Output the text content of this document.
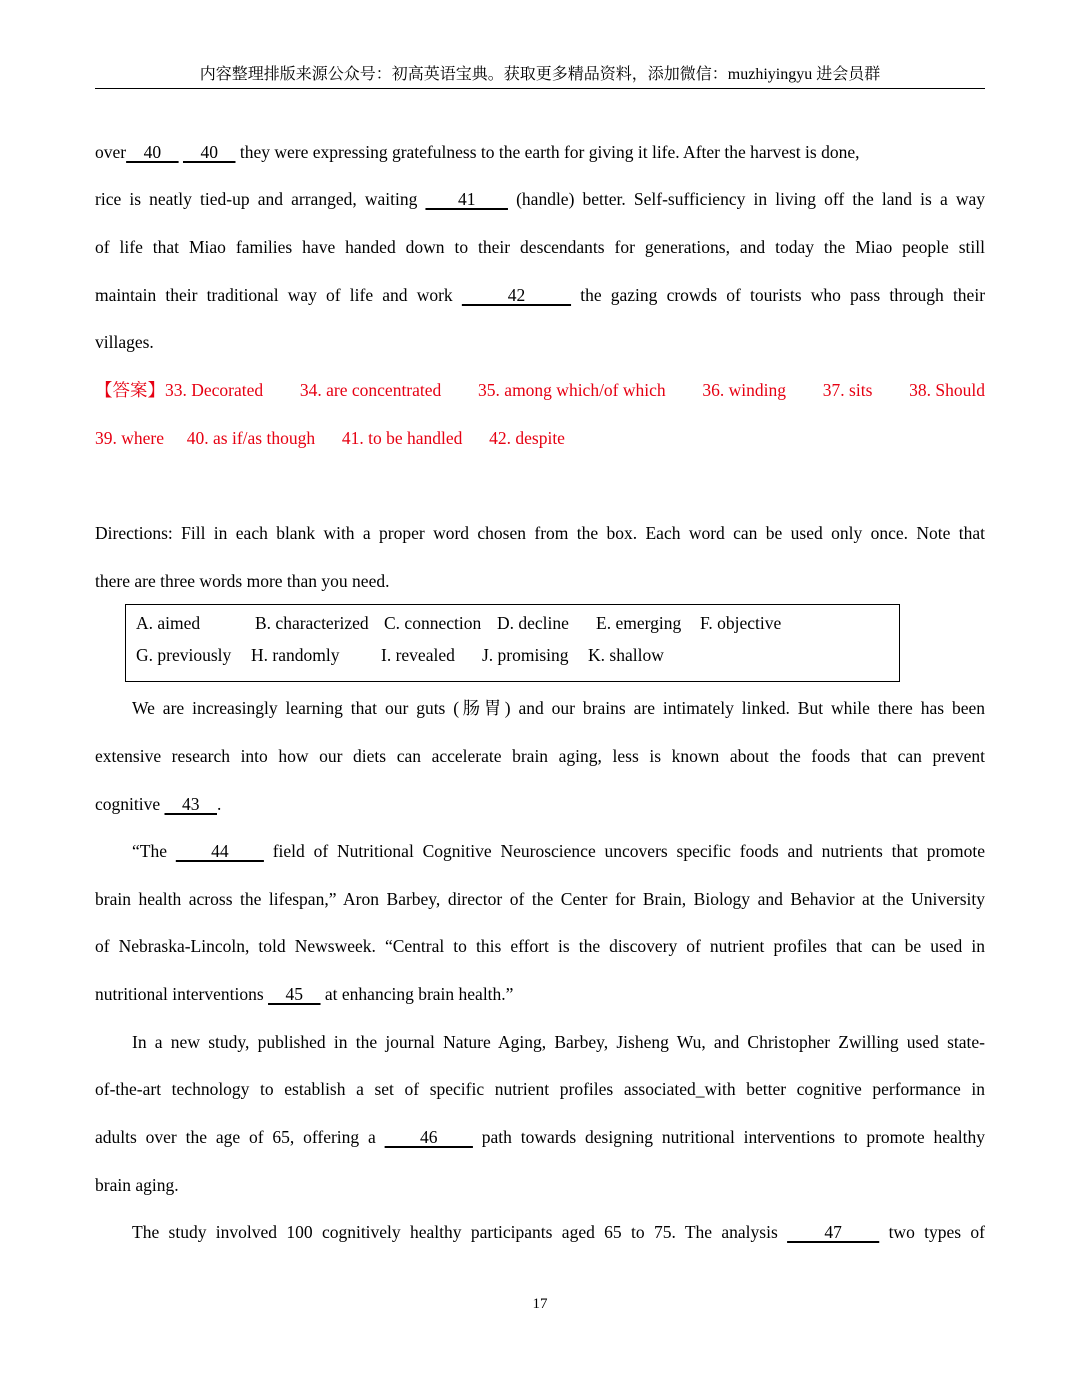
内容整理排版来源公众号：初高英语宝典。获取更多精品资料，添加微信：muzhiyingyu 进会员群
over    40         40     they were expressing gratefulness to the earth for giving it life. After the harvest is done,
rice is neatly tied-up and arranged, waiting     41     (handle) better. Self-sufficiency in living off the land is a way
of life that Miao families have handed down to their descendants for generations, and today the Miao people still
maintain their traditional way of life and work      42      the gazing crowds of tourists who pass through their
villages.
【答案】33. Decorated 34. are concentrated 35. among which/of which 36. winding 37. sits 38. Should
39. where 40. as if/as though 41. to be handled 42. despite
Directions: Fill in each blank with a proper word chosen from the box. Each word can be used only once. Note that
there are three words more than you need.
A. aimed	B. characterized C. connection D. decline E. emerging F. objective
G. previously H. randomly I. revealed J. promising K. shallow
We are increasingly learning that our guts (肠胃) and our brains are intimately linked. But while there has been
extensive research into how our diets can accelerate brain aging, less is known about the foods that can prevent
cognitive     43    .
“The     44     field of Nutritional Cognitive Neuroscience uncovers specific foods and nutrients that promote
brain health across the lifespan,” Aron Barbey, director of the Center for Brain, Biology and Behavior at the University
of Nebraska-Lincoln, told Newsweek. “Central to this effort is the discovery of nutrient profiles that can be used in
nutritional interventions     45     at enhancing brain health.”
In a new study, published in the journal Nature Aging, Barbey, Jisheng Wu, and Christopher Zwilling used state-
of-the-art technology to establish a set of specific nutrient profiles associated_with better cognitive performance in
adults over the age of 65, offering a     46     path towards designing nutritional interventions to promote healthy
brain aging.
The study involved 100 cognitively healthy participants aged 65 to 75. The analysis     47     two types of
17
